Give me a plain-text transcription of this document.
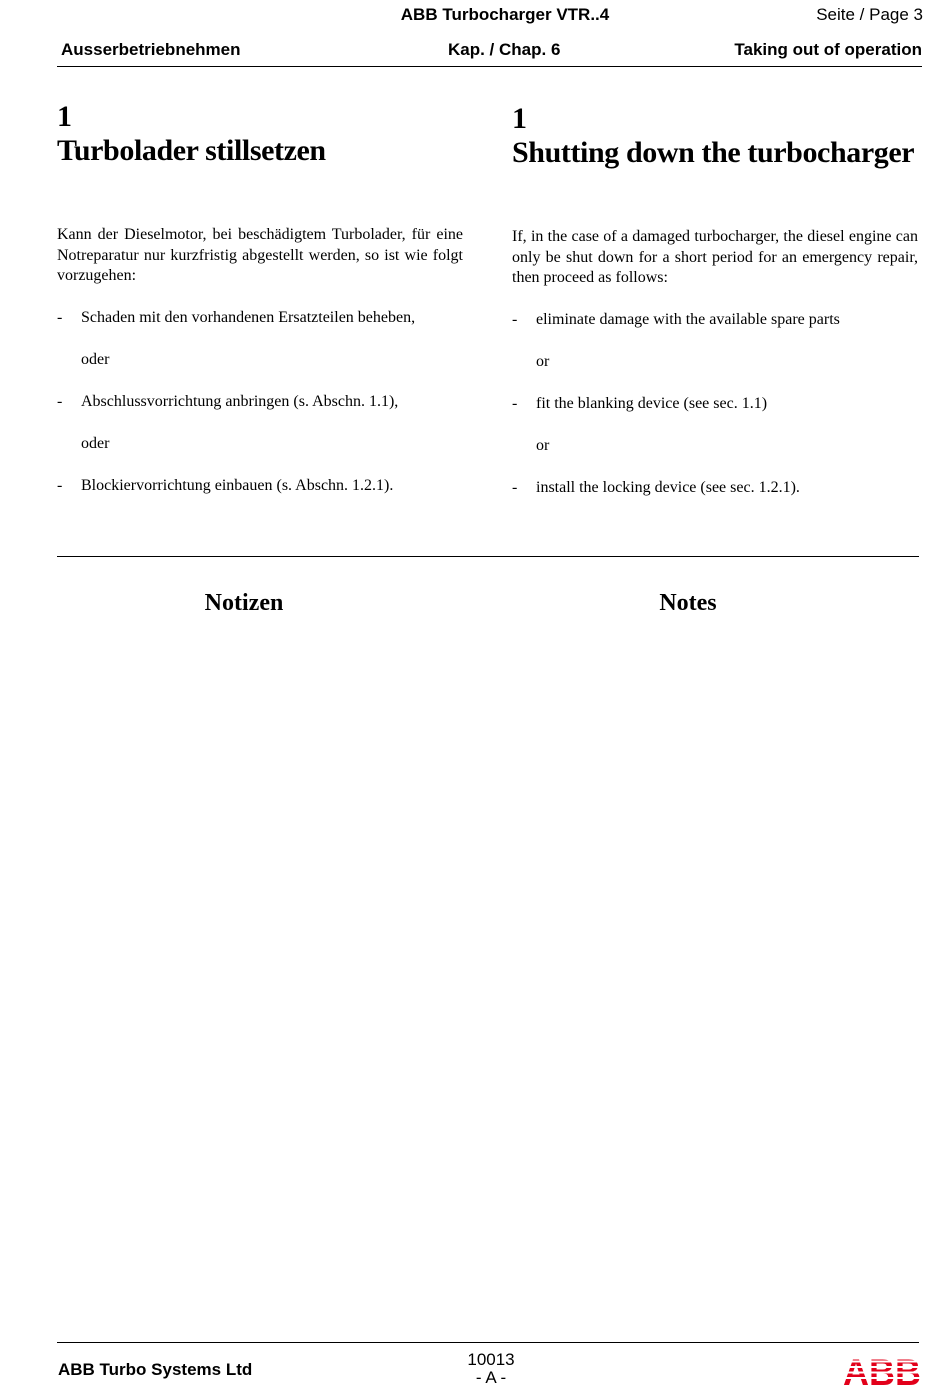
ABB Turbocharger VTR..4	Seite / Page 3
Ausserbetriebnehmen	Kap. / Chap. 6	Taking out of operation
1
Turbolader stillsetzen
Kann der Dieselmotor, bei beschädigtem Turbolader, für eine Notreparatur nur kurzfristig abgestellt werden, so ist wie folgt vorzugehen:
- Schaden mit den vorhandenen Ersatzteilen beheben,
oder
- Abschlussvorrichtung anbringen (s. Abschn. 1.1),
oder
- Blockiervorrichtung einbauen (s. Abschn. 1.2.1).
1
Shutting down the turbocharger
If, in the case of a damaged turbocharger, the diesel engine can only be shut down for a short period for an emergency repair, then proceed as follows:
- eliminate damage with the available spare parts
or
- fit the blanking device (see sec. 1.1)
or
- install the locking device (see sec. 1.2.1).
Notizen	Notes
ABB Turbo Systems Ltd
10013
- A -
